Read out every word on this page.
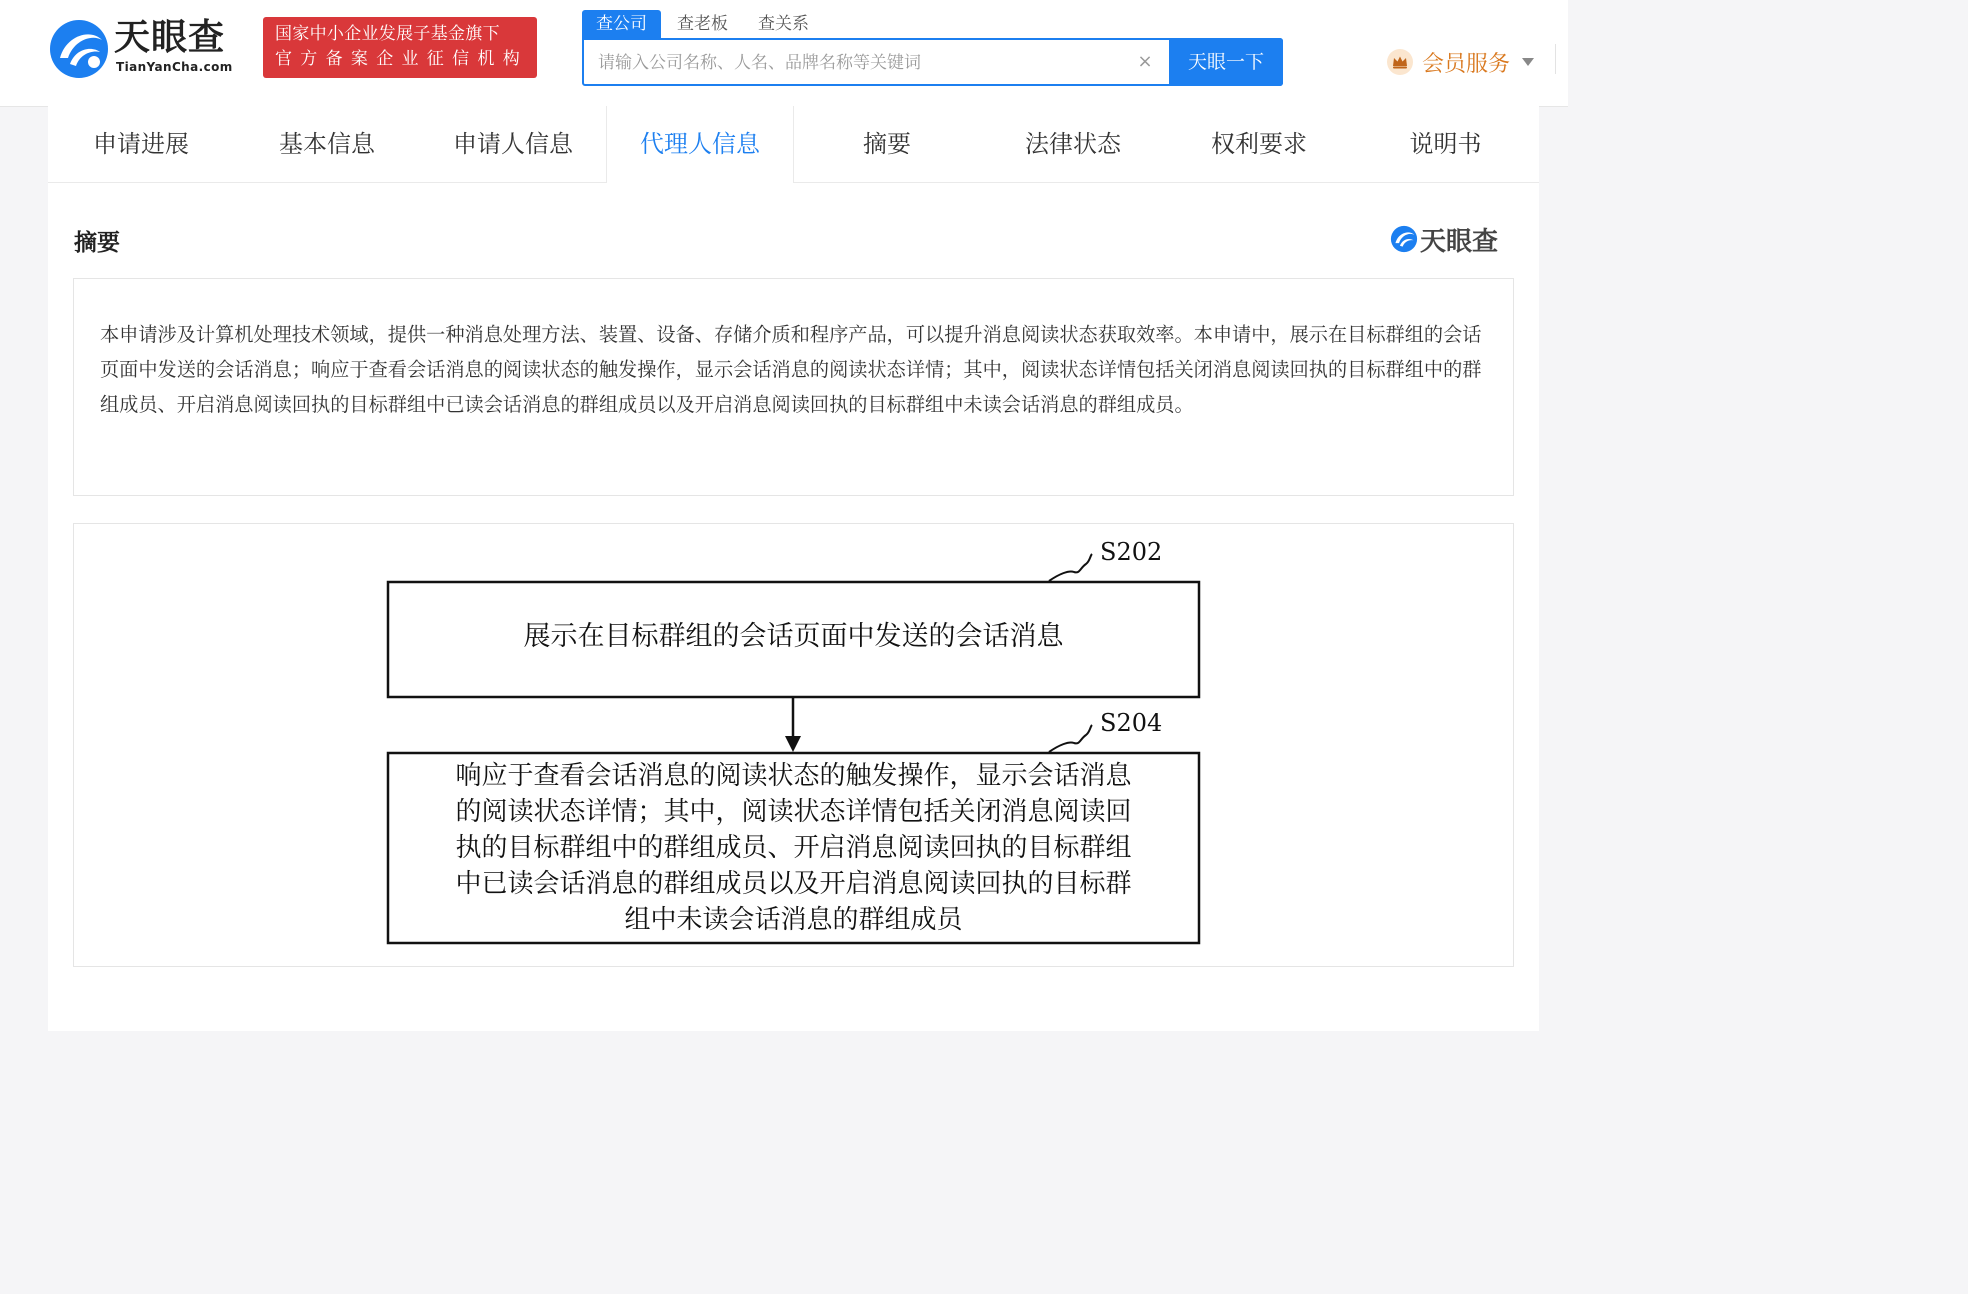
天眼查
TianYanCha.com
国家中小企业发展子基金旗下
官方备案企业征信机构
查公司	查老板	查关系
请输入公司名称、人名、品牌名称等关键词
×	天眼一下	会员服务
申请进展	基本信息	申请人信息	代理人信息	摘要	法律状态	权利要求	说明书
摘要	天眼查

本申请涉及计算机处理技术领域，提供一种消息处理方法、装置、设备、存储介质和程序产品，可以提升消息阅读状态获取效率。本申请中，展示在目标群组的会话页面中发送的会话消息；响应于查看会话消息的阅读状态的触发操作，显示会话消息的阅读状态详情；其中，阅读状态详情包括关闭消息阅读回执的目标群组中的群组成员、开启消息阅读回执的目标群组中已读会话消息的群组成员以及开启消息阅读回执的目标群组中未读会话消息的群组成员。

S202
展示在目标群组的会话页面中发送的会话消息
S204
响应于查看会话消息的阅读状态的触发操作，显示会话消息
的阅读状态详情；其中，阅读状态详情包括关闭消息阅读回
执的目标群组中的群组成员、开启消息阅读回执的目标群组
中已读会话消息的群组成员以及开启消息阅读回执的目标群
组中未读会话消息的群组成员
